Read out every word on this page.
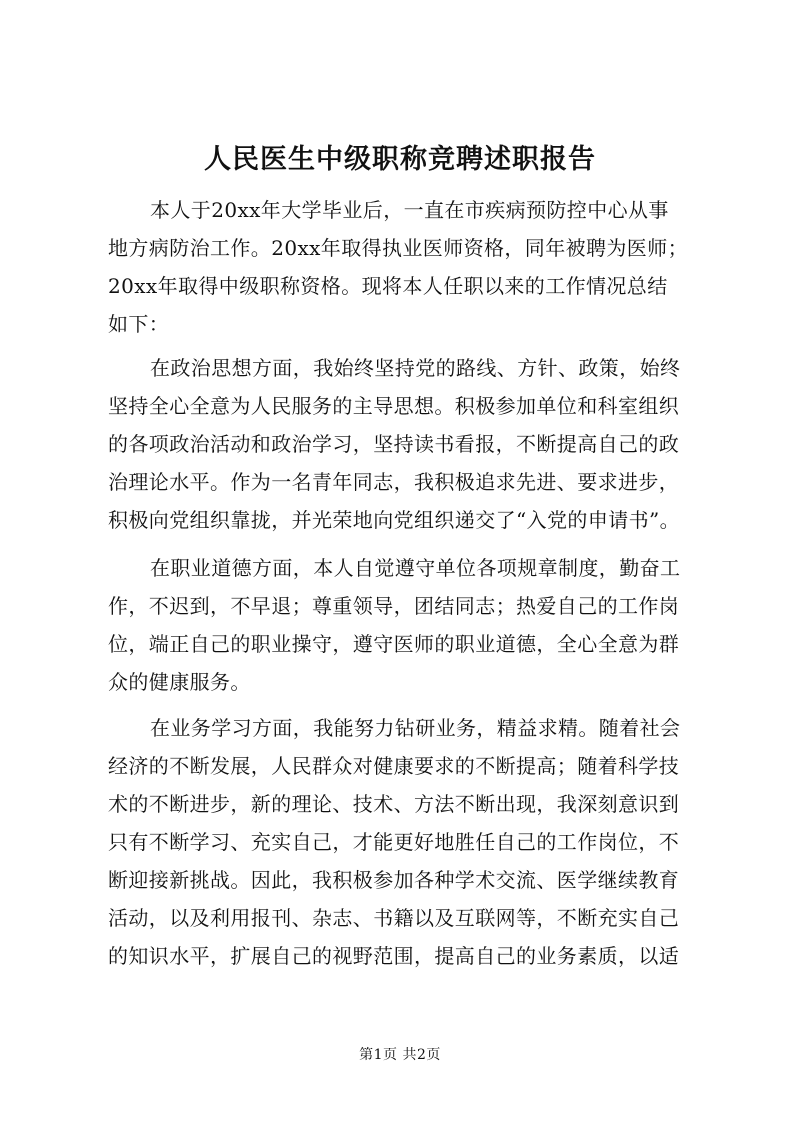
人民医生中级职称竞聘述职报告
本人于20xx年大学毕业后，一直在市疾病预防控中心从事
地方病防治工作。20xx年取得执业医师资格，同年被聘为医师；
20xx年取得中级职称资格。现将本人任职以来的工作情况总结
如下：
在政治思想方面，我始终坚持党的路线、方针、政策，始终
坚持全心全意为人民服务的主导思想。积极参加单位和科室组织
的各项政治活动和政治学习，坚持读书看报，不断提高自己的政
治理论水平。作为一名青年同志，我积极追求先进、要求进步，
积极向党组织靠拢，并光荣地向党组织递交了“入党的申请书”。
在职业道德方面，本人自觉遵守单位各项规章制度，勤奋工
作，不迟到，不早退；尊重领导，团结同志；热爱自己的工作岗
位，端正自己的职业操守，遵守医师的职业道德，全心全意为群
众的健康服务。
在业务学习方面，我能努力钻研业务，精益求精。随着社会
经济的不断发展，人民群众对健康要求的不断提高；随着科学技
术的不断进步，新的理论、技术、方法不断出现，我深刻意识到
只有不断学习、充实自己，才能更好地胜任自己的工作岗位，不
断迎接新挑战。因此，我积极参加各种学术交流、医学继续教育
活动，以及利用报刊、杂志、书籍以及互联网等，不断充实自己
的知识水平，扩展自己的视野范围，提高自己的业务素质，以适
第1页 共2页
